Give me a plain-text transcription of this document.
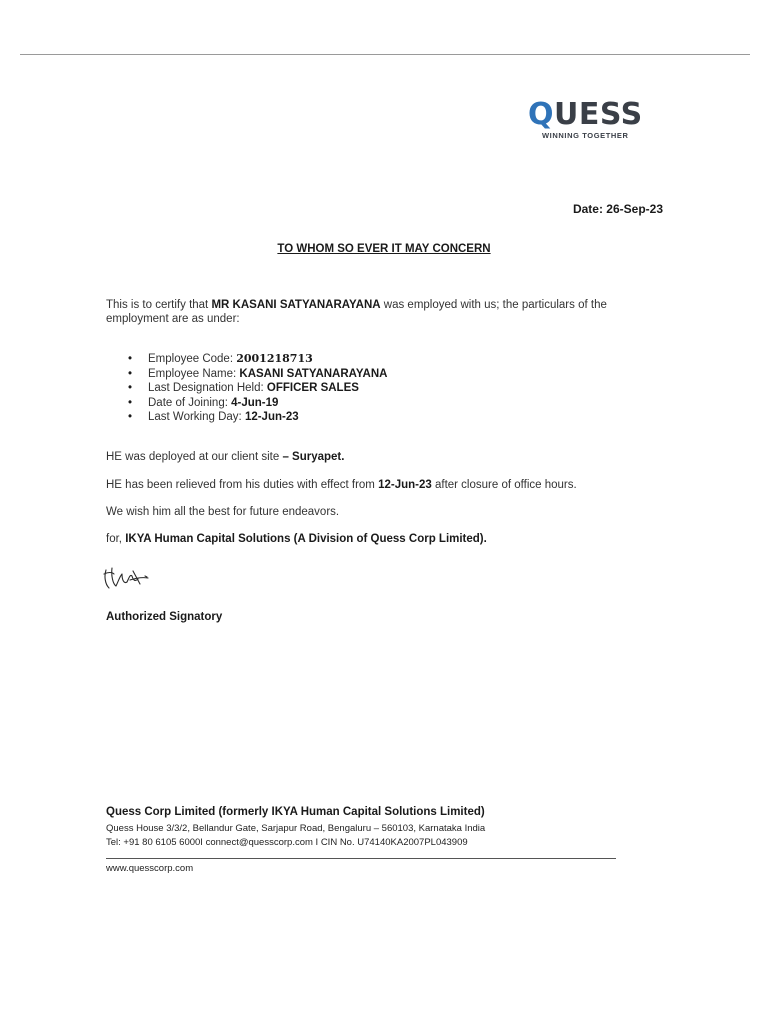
QUESS
WINNING TOGETHER
Date: 26-Sep-23
TO WHOM SO EVER IT MAY CONCERN
This is to certify that MR KASANI SATYANARAYANA was employed with us; the particulars of the employment are as under:
• Employee Code: 2001218713
• Employee Name: KASANI SATYANARAYANA
• Last Designation Held: OFFICER SALES
• Date of Joining: 4-Jun-19
• Last Working Day: 12-Jun-23
HE was deployed at our client site – Suryapet.
HE has been relieved from his duties with effect from 12-Jun-23 after closure of office hours.
We wish him all the best for future endeavors.
for, IKYA Human Capital Solutions (A Division of Quess Corp Limited).
Authorized Signatory
Quess Corp Limited (formerly IKYA Human Capital Solutions Limited)
Quess House 3/3/2, Bellandur Gate, Sarjapur Road, Bengaluru – 560103, Karnataka India
Tel: +91 80 6105 6000I connect@quesscorp.com I CIN No. U74140KA2007PL043909
www.quesscorp.com
